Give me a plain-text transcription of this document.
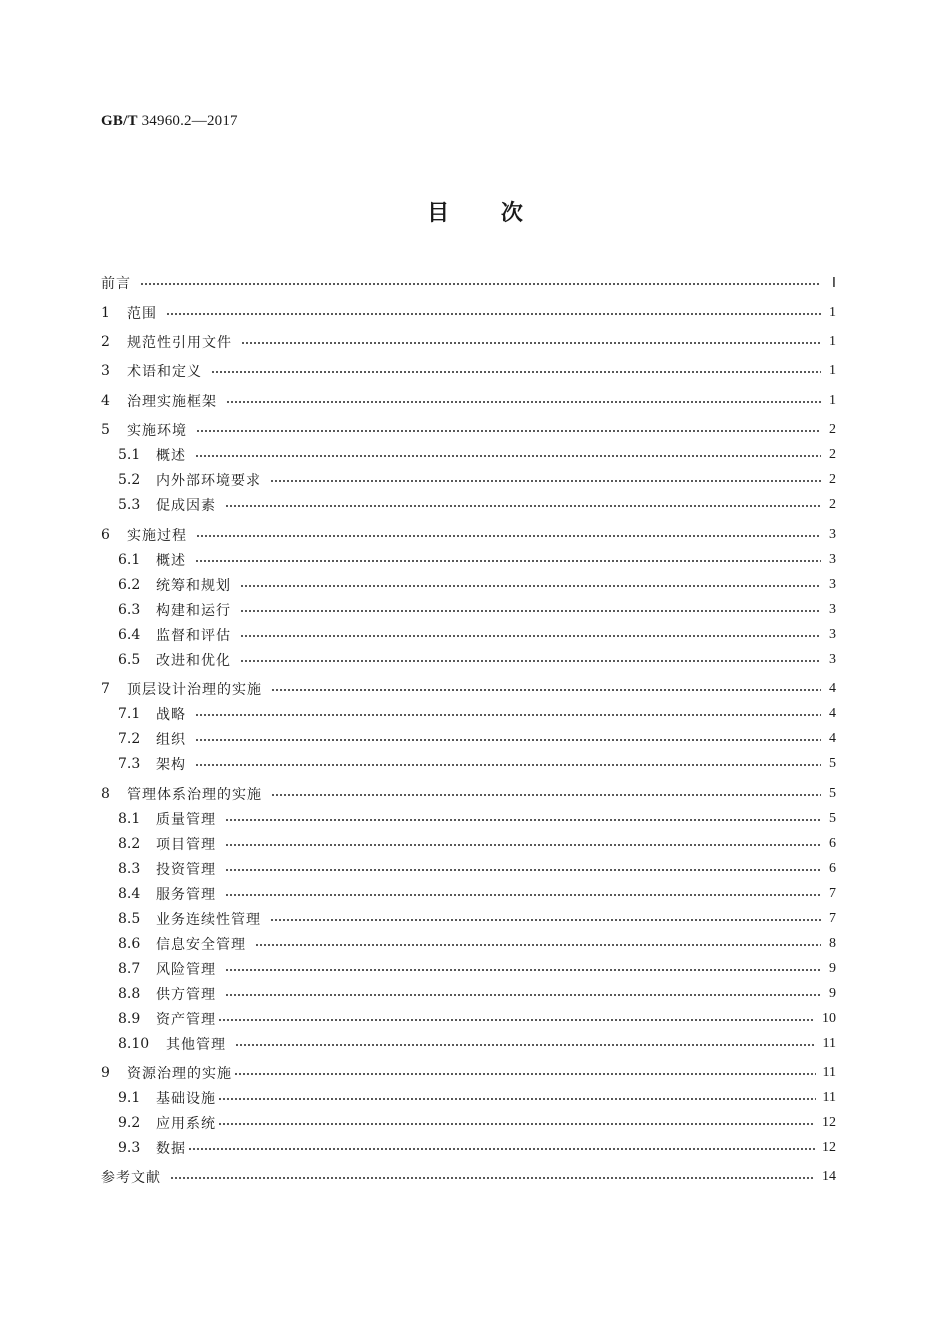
GB/T 34960.2—2017
目 次
前言	Ⅰ
1	范围	1
2	规范性引用文件	1
3	术语和定义	1
4	治理实施框架	1
5	实施环境	2
5.1	概述	2
5.2	内外部环境要求	2
5.3	促成因素	2
6	实施过程	3
6.1	概述	3
6.2	统筹和规划	3
6.3	构建和运行	3
6.4	监督和评估	3
6.5	改进和优化	3
7	顶层设计治理的实施	4
7.1	战略	4
7.2	组织	4
7.3	架构	5
8	管理体系治理的实施	5
8.1	质量管理	5
8.2	项目管理	6
8.3	投资管理	6
8.4	服务管理	7
8.5	业务连续性管理	7
8.6	信息安全管理	8
8.7	风险管理	9
8.8	供方管理	9
8.9	资产管理	10
8.10	其他管理	11
9	资源治理的实施	11
9.1	基础设施	11
9.2	应用系统	12
9.3	数据	12
参考文献	14
